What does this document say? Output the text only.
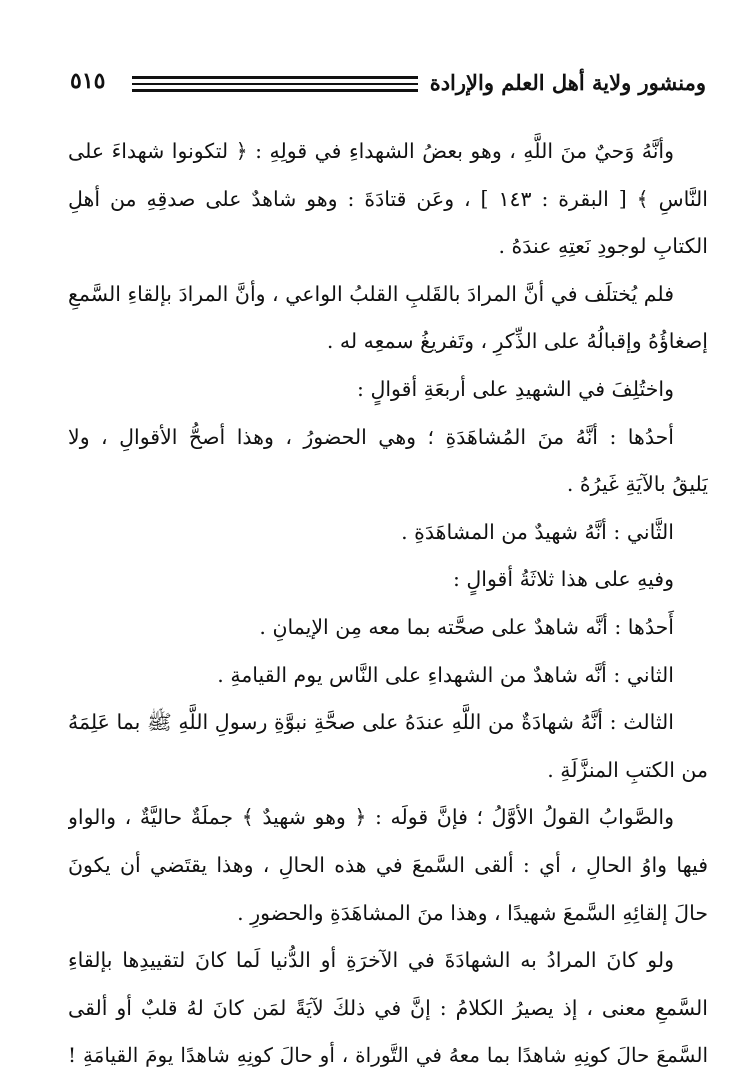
ومنشور ولاية أهل العلم والإرادة
٥١٥
وأنَّهُ وَحيٌ منَ اللَّهِ ، وهو بعضُ الشهداءِ في قولِهِ : ﴿ لتكونوا شهداءَ على
النَّاسِ ﴾ [ البقرة : ١٤٣ ] ، وعَن قتادَةَ : وهو شاهدٌ على صدقِهِ من أهلِ
الكتابِ لوجودِ نَعتِهِ عندَهُ .
فلم يُختلَف في أنَّ المرادَ بالقَلبِ القلبُ الواعي ، وأنَّ المرادَ بإلقاءِ السَّمعِ
إصغاؤُهُ وإقبالُهُ على الذِّكرِ ، وتَفريغُ سمعِه له .
واختُلِفَ في الشهيدِ على أربعَةِ أقوالٍ :
أحدُها : أنَّهُ منَ المُشاهَدَةِ ؛ وهي الحضورُ ، وهذا أصحُّ الأقوالِ ، ولا
يَليقُ بالآيَةِ غَيرُهُ .
الثَّاني : أنَّهُ شهيدٌ من المشاهَدَةِ .
وفيهِ على هذا ثلاثَةُ أقوالٍ :
أَحدُها : أنَّه شاهدٌ على صحَّته بما معه مِن الإيمانِ .
الثاني : أنَّه شاهدٌ من الشهداءِ على النَّاس يوم القيامةِ .
الثالث : أنَّهُ شهادَةٌ من اللَّهِ عندَهُ على صحَّةِ نبوَّةِ رسولِ اللَّهِ ﷺ بما عَلِمَهُ
من الكتبِ المنزَّلَةِ .
والصَّوابُ القولُ الأوَّلُ ؛ فإنَّ قولَه : ﴿ وهو شهيدٌ ﴾ جملَةٌ حاليَّةٌ ، والواو
فيها واوُ الحالِ ، أي : ألقى السَّمعَ في هذه الحالِ ، وهذا يقتَضي أن يكونَ
حالَ إلقائِهِ السَّمعَ شهيدًا ، وهذا منَ المشاهَدَةِ والحضورِ .
ولو كانَ المرادُ به الشهادَةَ في الآخرَةِ أو الدُّنيا لَما كانَ لتقييدِها بإلقاءِ
السَّمعِ معنى ، إذ يصيرُ الكلامُ : إنَّ في ذلكَ لآيَةً لمَن كانَ لهُ قلبٌ أو ألقى
السَّمعَ حالَ كونِهِ شاهدًا بما معهُ في التَّوراة ، أو حالَ كونِهِ شاهدًا يومَ القيامَةِ !
